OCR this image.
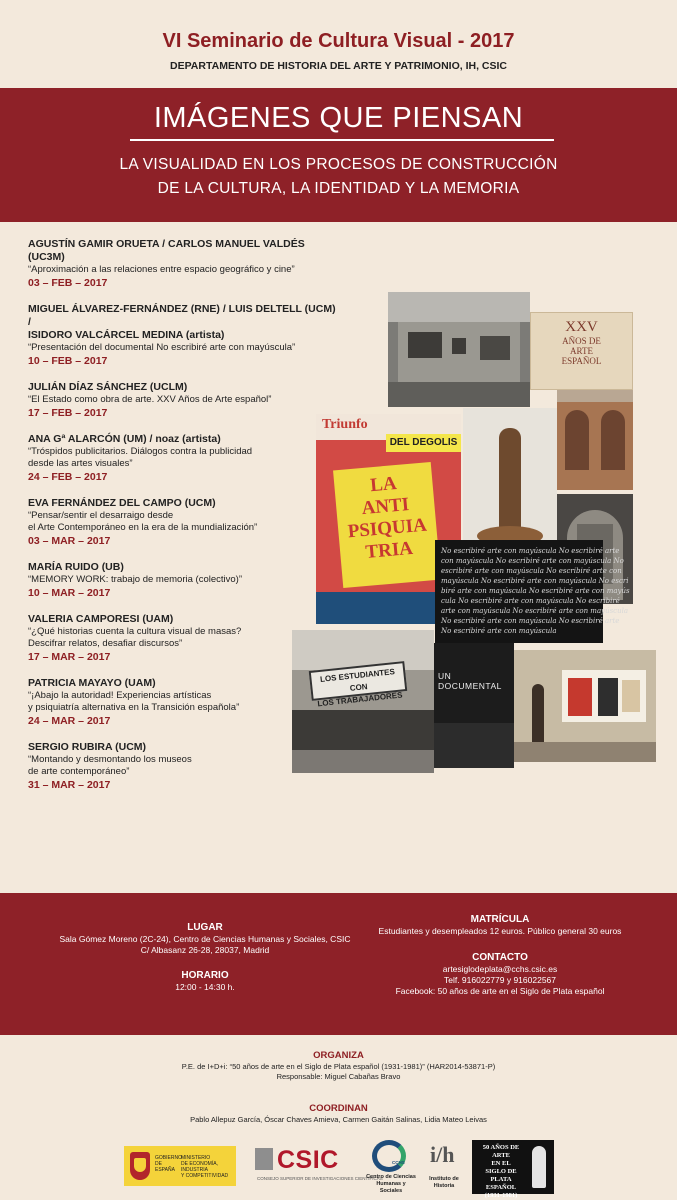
VI Seminario de Cultura Visual - 2017
DEPARTAMENTO DE HISTORIA DEL ARTE Y PATRIMONIO, IH, CSIC
IMÁGENES QUE PIENSAN
LA VISUALIDAD EN LOS PROCESOS DE CONSTRUCCIÓN
DE LA CULTURA, LA IDENTIDAD Y LA MEMORIA
AGUSTÍN GAMIR ORUETA / CARLOS MANUEL VALDÉS (UC3M)
“Aproximación a las relaciones entre espacio geográfico y cine”
03 – FEB – 2017
MIGUEL ÁLVAREZ-FERNÁNDEZ (RNE) / LUIS DELTELL (UCM) /
ISIDORO VALCÁRCEL MEDINA (artista)
“Presentación del documental No escribiré arte con mayúscula”
10 – FEB – 2017
JULIÁN DÍAZ SÁNCHEZ (UCLM)
“El Estado como obra de arte. XXV Años de Arte español”
17 – FEB – 2017
ANA Gª ALARCÓN (UM) / noaz (artista)
“Tróspidos publicitarios. Diálogos contra la publicidad
desde las artes visuales”
24 – FEB – 2017
EVA FERNÁNDEZ DEL CAMPO (UCM)
“Pensar/sentir el desarraigo desde
el Arte Contemporáneo en la era de la mundialización”
03 – MAR – 2017
MARÍA RUIDO (UB)
“MEMORY WORK: trabajo de memoria (colectivo)”
10 – MAR – 2017
VALERIA CAMPORESI (UAM)
“¿Qué historias cuenta la cultura visual de masas?
Descifrar relatos, desafiar discursos”
17 – MAR – 2017
PATRICIA MAYAYO (UAM)
“¡Abajo la autoridad! Experiencias artísticas
y psiquiatría alternativa en la Transición española”
24 – MAR – 2017
SERGIO RUBIRA (UCM)
“Montando y desmontando los museos
de arte contemporáneo”
31 – MAR – 2017
XXV
AÑOS DE
ARTE
ESPAÑOL
Triunfo
DEL DEGOLIS
LA
ANTI
PSIQUIA
TRIA	No escribiré arte con mayúscula No escribiré arte
con mayúscula No escribiré arte con mayúscula No
escribiré arte con mayúscula No escribiré arte con
mayúscula No escribiré arte con mayúscula No escri
biré arte con mayúscula No escribiré arte con mayús
cula No escribiré arte con mayúscula No escribiré
arte con mayúscula No escribiré arte con mayúscula
No escribiré arte con mayúscula No escribiré arte
No escribiré arte con mayúscula
LOS ESTUDIANTES
CON
LOS TRABAJADORES
UN DOCUMENTAL
LUGAR
Sala Gómez Moreno (2C-24), Centro de Ciencias Humanas y Sociales, CSIC
C/ Albasanz 26-28, 28037, Madrid
HORARIO
12:00 - 14:30 h.
MATRÍCULA
Estudiantes y desempleados 12 euros. Público general 30 euros
CONTACTO
artesiglodeplata@cchs.csic.es
Telf. 916022779 y 916022567
Facebook: 50 años de arte en el Siglo de Plata español
ORGANIZA
P.E. de I+D+i: “50 años de arte en el Siglo de Plata español (1931-1981)” (HAR2014-53871-P)
Responsable: Miguel Cabañas Bravo
COORDINAN
Pablo Allepuz García, Óscar Chaves Amieva, Carmen Gaitán Salinas, Lidia Mateo Leivas
GOBIERNO
DE ESPAÑA
MINISTERIO
DE ECONOMÍA, INDUSTRIA
Y COMPETITIVIDAD
CSIC
CONSEJO SUPERIOR DE INVESTIGACIONES CIENTÍFICAS
CCHS
Centro de Ciencias
Humanas y Sociales
i/h
Instituto de
Historia
50 AÑOS DE ARTE
EN EL
SIGLO DE PLATA
ESPAÑOL
(1931-1981)
